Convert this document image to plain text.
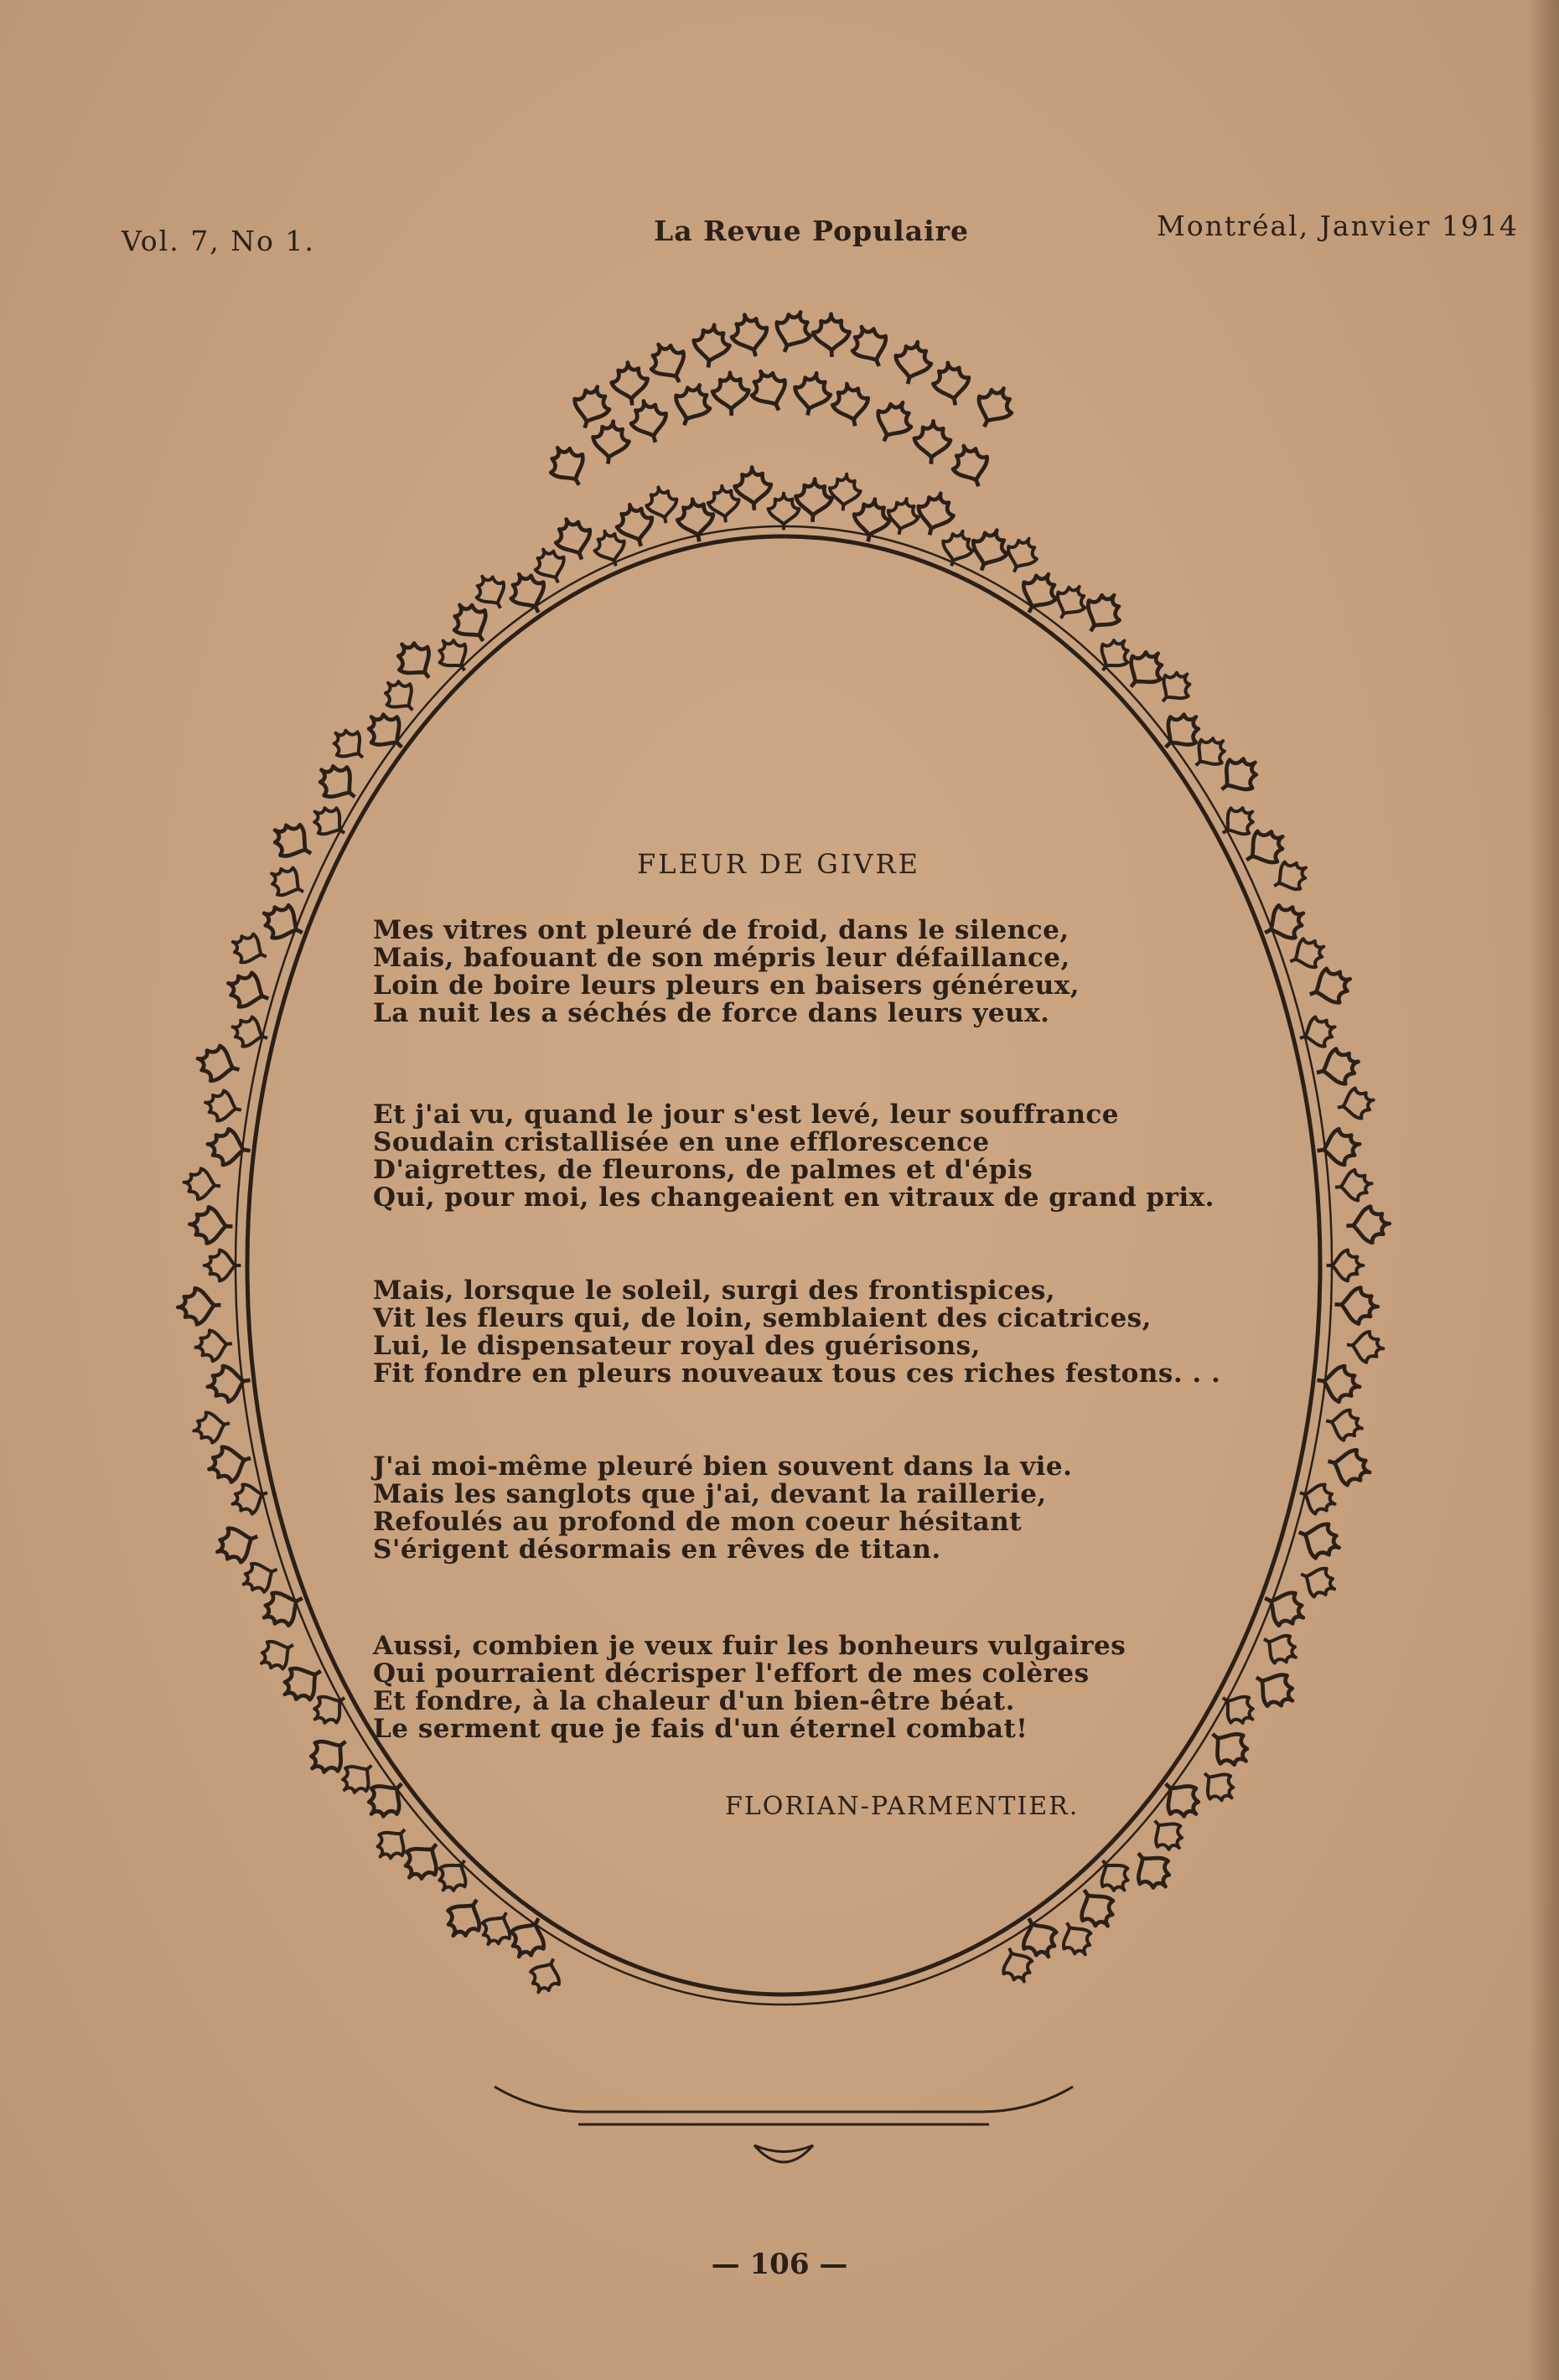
Vol. 7, No 1.	La Revue Populaire	Montréal, Janvier 1914
FLEUR DE GIVRE
Mes vitres ont pleuré de froid, dans le silence,
Mais, bafouant de son mépris leur défaillance,
Loin de boire leurs pleurs en baisers généreux,
La nuit les a séchés de force dans leurs yeux.
Et j'ai vu, quand le jour s'est levé, leur souffrance
Soudain cristallisée en une efflorescence
D'aigrettes, de fleurons, de palmes et d'épis
Qui, pour moi, les changeaient en vitraux de grand prix.
Mais, lorsque le soleil, surgi des frontispices,
Vit les fleurs qui, de loin, semblaient des cicatrices,
Lui, le dispensateur royal des guérisons,
Fit fondre en pleurs nouveaux tous ces riches festons. . .
J'ai moi-même pleuré bien souvent dans la vie.
Mais les sanglots que j'ai, devant la raillerie,
Refoulés au profond de mon coeur hésitant
S'érigent désormais en rêves de titan.
Aussi, combien je veux fuir les bonheurs vulgaires
Qui pourraient décrisper l'effort de mes colères
Et fondre, à la chaleur d'un bien-être béat.
Le serment que je fais d'un éternel combat!
FLORIAN-PARMENTIER.
— 106 —
